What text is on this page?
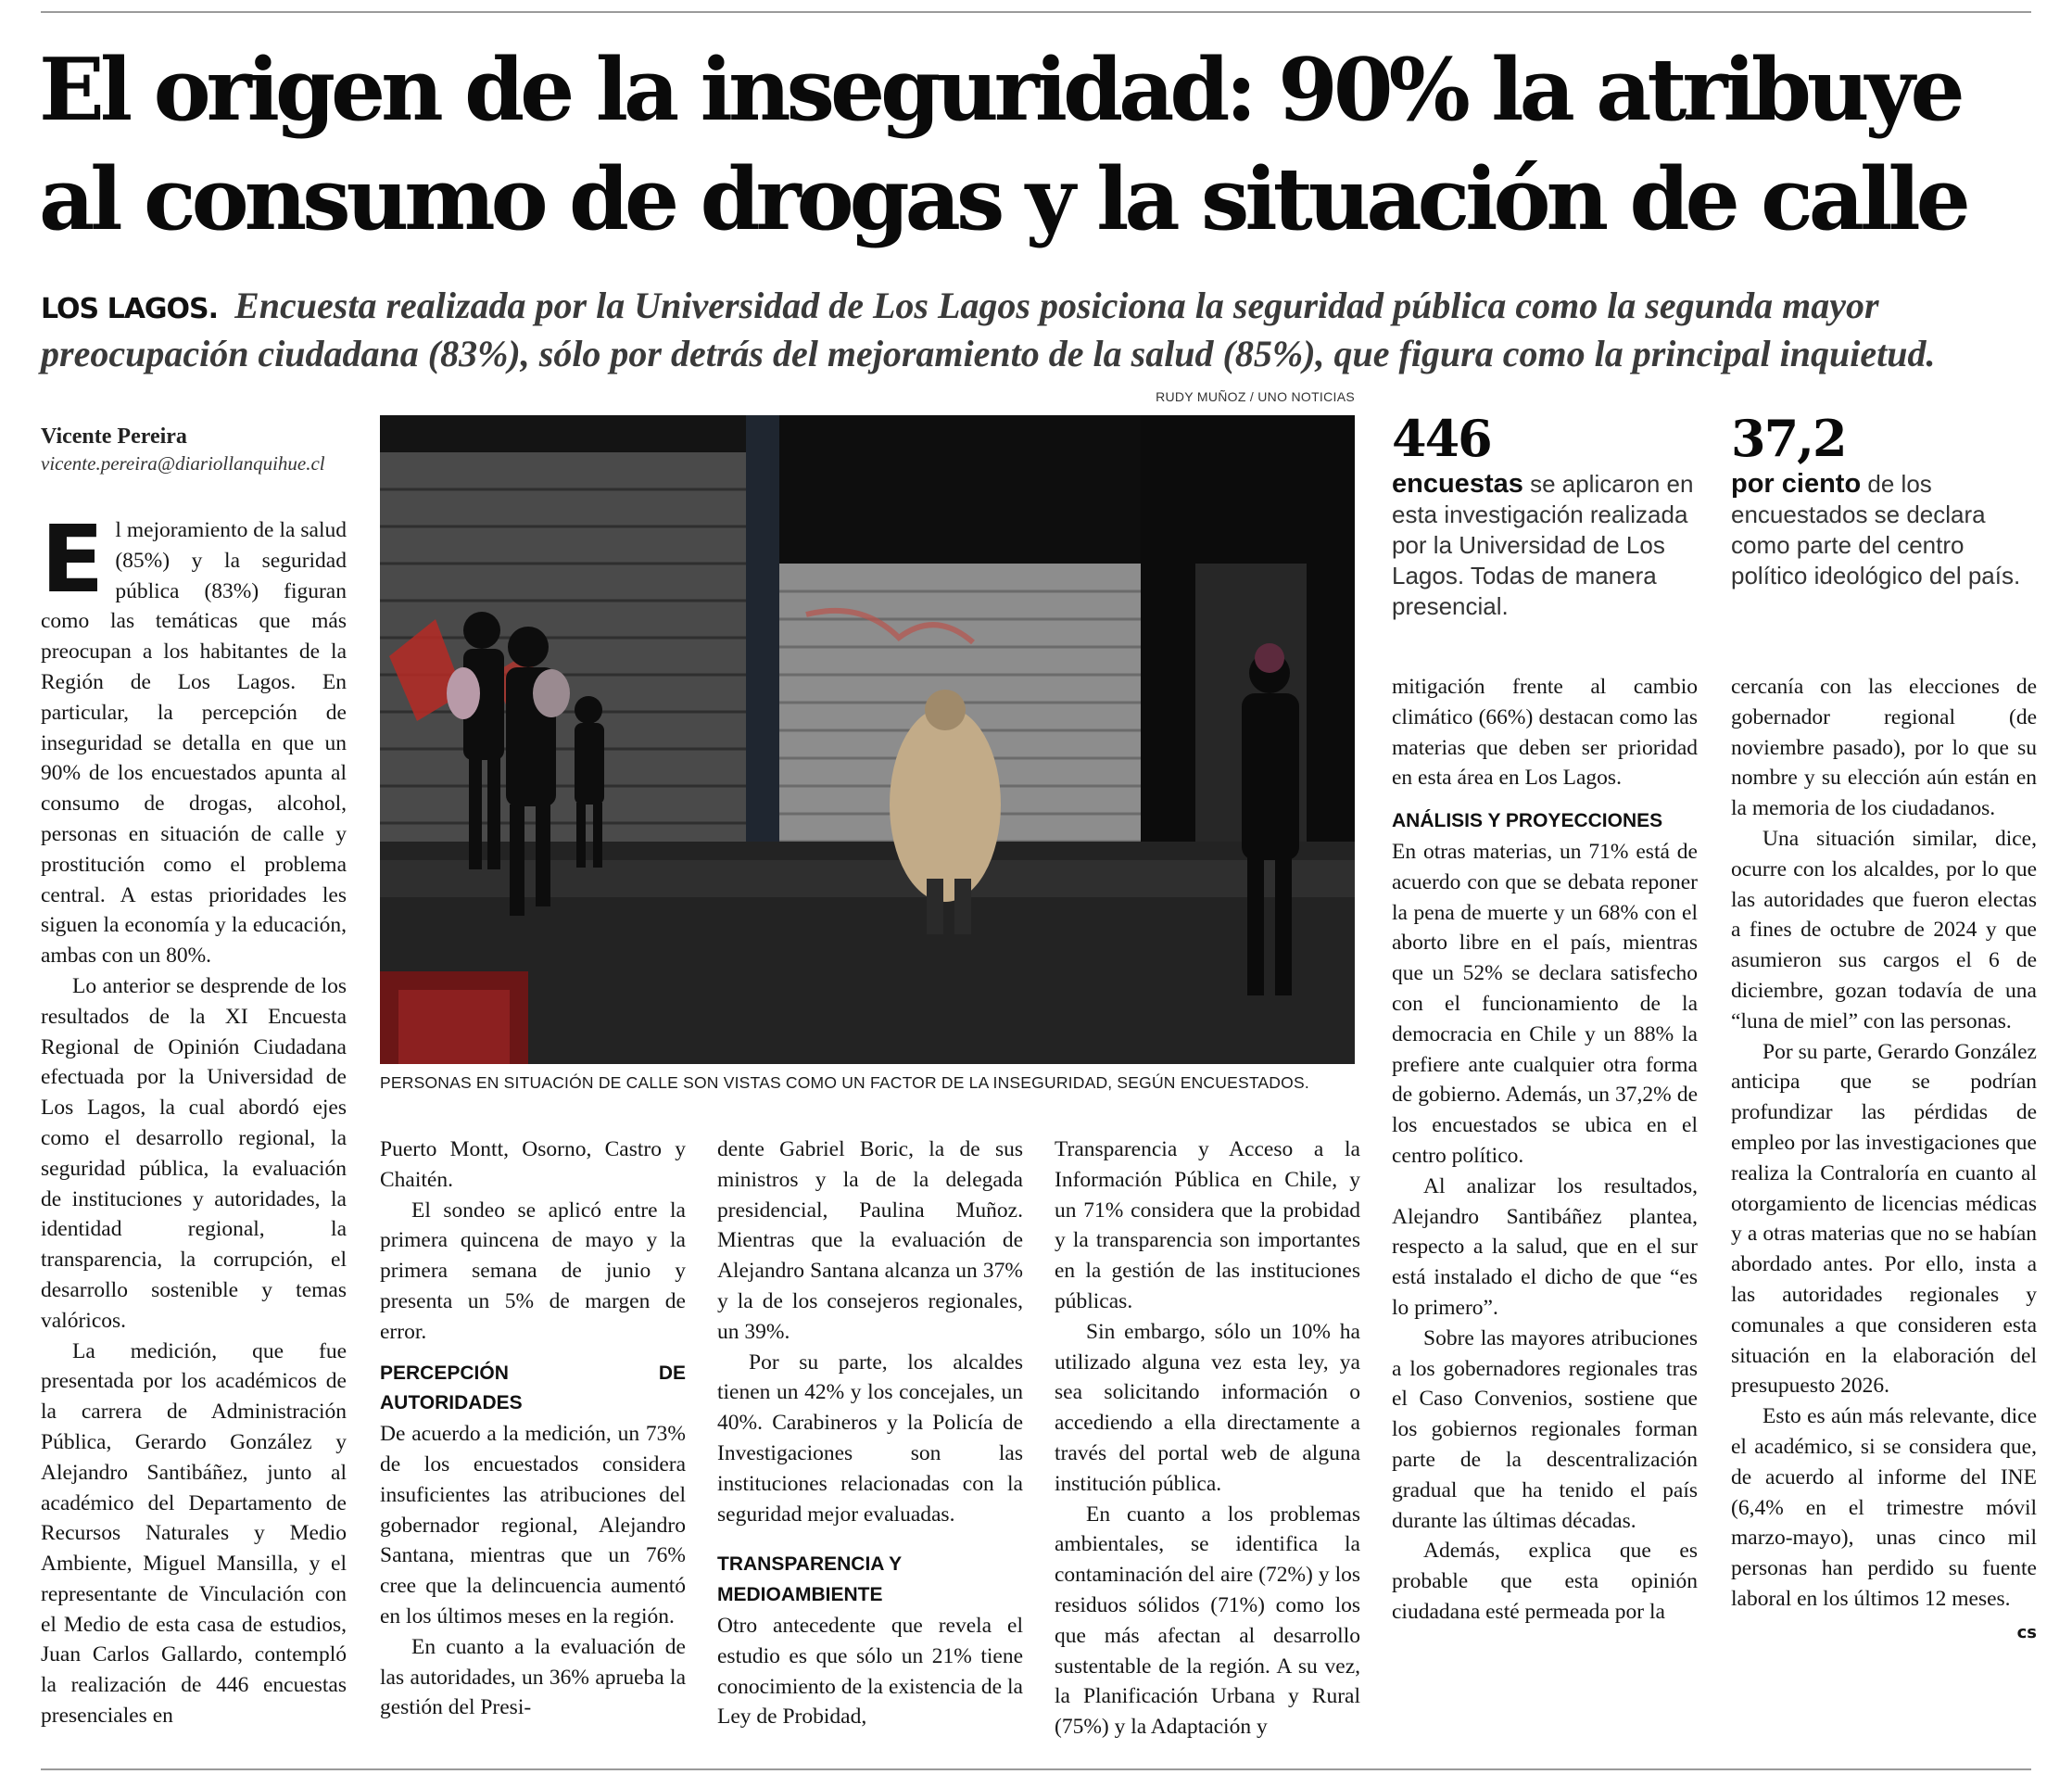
El origen de la inseguridad: 90% la atribuye
al consumo de drogas y la situación de calle

LOS LAGOS. Encuesta realizada por la Universidad de Los Lagos posiciona la seguridad pública como la segunda mayor preocupación ciudadana (83%), sólo por detrás del mejoramiento de la salud (85%), que figura como la principal inquietud.

Vicente Pereira
vicente.pereira@diariollanquihue.cl
RUDY MUÑOZ / UNO NOTICIAS
PERSONAS EN SITUACIÓN DE CALLE SON VISTAS COMO UN FACTOR DE LA INSEGURIDAD, SEGÚN ENCUESTADOS.
446
encuestas se aplicaron en esta investigación realizada por la Universidad de Los Lagos. Todas de manera presencial.
37,2
por ciento de los encuestados se declara como parte del centro político ideológico del país.

El mejoramiento de la salud (85%) y la seguridad pública (83%) figuran como las temáticas que más preocupan a los habitantes de la Región de Los Lagos. En particular, la percepción de inseguridad se detalla en que un 90% de los encuestados apunta al consumo de drogas, alcohol, personas en situación de calle y prostitución como el problema central. A estas prioridades les siguen la economía y la educación, ambas con un 80%.

Lo anterior se desprende de los resultados de la XI Encuesta Regional de Opinión Ciudadana efectuada por la Universidad de Los Lagos, la cual abordó ejes como el desarrollo regional, la seguridad pública, la evaluación de instituciones y autoridades, la identidad regional, la transparencia, la corrupción, el desarrollo sostenible y temas valóricos.

La medición, que fue presentada por los académicos de la carrera de Administración Pública, Gerardo González y Alejandro Santibáñez, junto al académico del Departamento de Recursos Naturales y Medio Ambiente, Miguel Mansilla, y el representante de Vinculación con el Medio de esta casa de estudios, Juan Carlos Gallardo, contempló la realización de 446 encuestas presenciales en

Puerto Montt, Osorno, Castro y Chaitén.

El sondeo se aplicó entre la primera quincena de mayo y la primera semana de junio y presenta un 5% de margen de error.

PERCEPCIÓN DE AUTORIDADES

De acuerdo a la medición, un 73% de los encuestados considera insuficientes las atribuciones del gobernador regional, Alejandro Santana, mientras que un 76% cree que la delincuencia aumentó en los últimos meses en la región.

En cuanto a la evaluación de las autoridades, un 36% aprueba la gestión del Presi-

dente Gabriel Boric, la de sus ministros y la de la delegada presidencial, Paulina Muñoz. Mientras que la evaluación de Alejandro Santana alcanza un 37% y la de los consejeros regionales, un 39%.

Por su parte, los alcaldes tienen un 42% y los concejales, un 40%. Carabineros y la Policía de Investigaciones son las instituciones relacionadas con la seguridad mejor evaluadas.

TRANSPARENCIA Y
MEDIOAMBIENTE

Otro antecedente que revela el estudio es que sólo un 21% tiene conocimiento de la existencia de la Ley de Probidad,

Transparencia y Acceso a la Información Pública en Chile, y un 71% considera que la probidad y la transparencia son importantes en la gestión de las instituciones públicas.

Sin embargo, sólo un 10% ha utilizado alguna vez esta ley, ya sea solicitando información o accediendo a ella directamente a través del portal web de alguna institución pública.

En cuanto a los problemas ambientales, se identifica la contaminación del aire (72%) y los residuos sólidos (71%) como los que más afectan al desarrollo sustentable de la región. A su vez, la Planificación Urbana y Rural (75%) y la Adaptación y

mitigación frente al cambio climático (66%) destacan como las materias que deben ser prioridad en esta área en Los Lagos.

ANÁLISIS Y PROYECCIONES

En otras materias, un 71% está de acuerdo con que se debata reponer la pena de muerte y un 68% con el aborto libre en el país, mientras que un 52% se declara satisfecho con el funcionamiento de la democracia en Chile y un 88% la prefiere ante cualquier otra forma de gobierno. Además, un 37,2% de los encuestados se ubica en el centro político.

Al analizar los resultados, Alejandro Santibáñez plantea, respecto a la salud, que en el sur está instalado el dicho de que “es lo primero”.

Sobre las mayores atribuciones a los gobernadores regionales tras el Caso Convenios, sostiene que los gobiernos regionales forman parte de la descentralización gradual que ha tenido el país durante las últimas décadas.

Además, explica que es probable que esta opinión ciudadana esté permeada por la

cercanía con las elecciones de gobernador regional (de noviembre pasado), por lo que su nombre y su elección aún están en la memoria de los ciudadanos.

Una situación similar, dice, ocurre con los alcaldes, por lo que las autoridades que fueron electas a fines de octubre de 2024 y que asumieron sus cargos el 6 de diciembre, gozan todavía de una “luna de miel” con las personas.

Por su parte, Gerardo González anticipa que se podrían profundizar las pérdidas de empleo por las investigaciones que realiza la Contraloría en cuanto al otorgamiento de licencias médicas y a otras materias que no se habían abordado antes. Por ello, insta a las autoridades regionales y comunales a que consideren esta situación en la elaboración del presupuesto 2026.

Esto es aún más relevante, dice el académico, si se considera que, de acuerdo al informe del INE (6,4% en el trimestre móvil marzo-mayo), unas cinco mil personas han perdido su fuente laboral en los últimos 12 meses.
cs
